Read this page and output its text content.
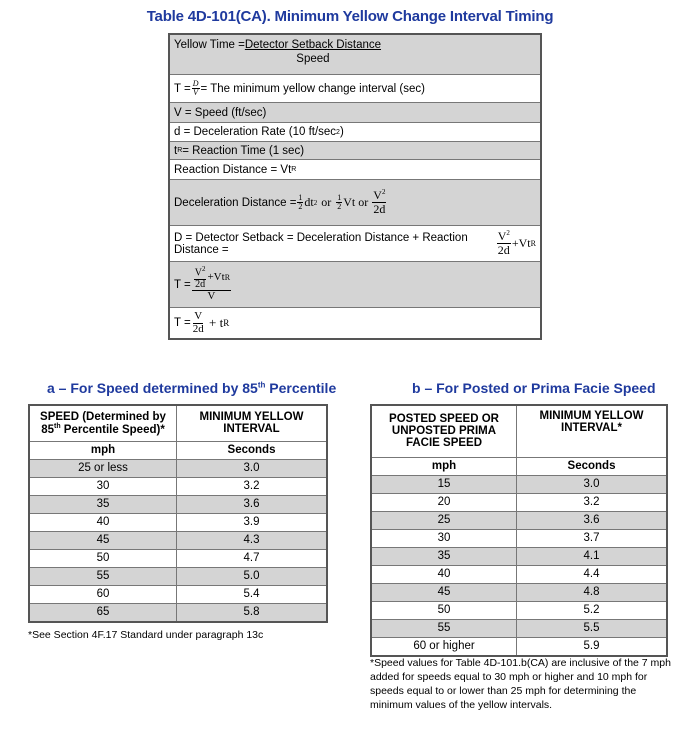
Table 4D-101(CA). Minimum Yellow Change Interval Timing
Yellow Time = Detector Setback Distance
Speed
$T = \frac{D}{V}$ = The minimum yellow change interval (sec)
V = Speed (ft/sec)
d = Deceleration Rate (10 ft/sec 2 )
t R = Reaction Time (1 sec)
Reaction Distance = Vt R
Deceleration Distance = $\frac{1}{2}$ dt 2 or $\frac{1}{2}$ Vt or $\frac{V^2}{2d}$
D = Detector Setback = Deceleration Distance + Reaction Distance =	$\frac{V^2}{2d} +Vt$ R
$T = \frac{\frac{V^2}{2d} +Vt R}{V}$
$T = \frac{V}{2d} + t$ R
a – For Speed determined by 85th Percentile
SPEED (Determined by
85th Percentile Speed)*	MINIMUM YELLOW INTERVAL
mph	Seconds
25 or less	3.0
30	3.2
35	3.6
40	3.9
45	4.3
50	4.7
55	5.0
60	5.4
65	5.8
*See Section 4F.17 Standard under paragraph 13c
b – For Posted or Prima Facie Speed
POSTED SPEED OR UNPOSTED PRIMA FACIE SPEED	MINIMUM YELLOW INTERVAL*
mph	Seconds
15	3.0
20	3.2
25	3.6
30	3.7
35	4.1
40	4.4
45	4.8
50	5.2
55	5.5
60 or higher	5.9
*Speed values for Table 4D-101.b(CA) are inclusive of the 7 mph added for speeds equal to 30 mph or higher and 10 mph for speeds equal to or lower than 25 mph for determining the minimum values of the yellow intervals.
